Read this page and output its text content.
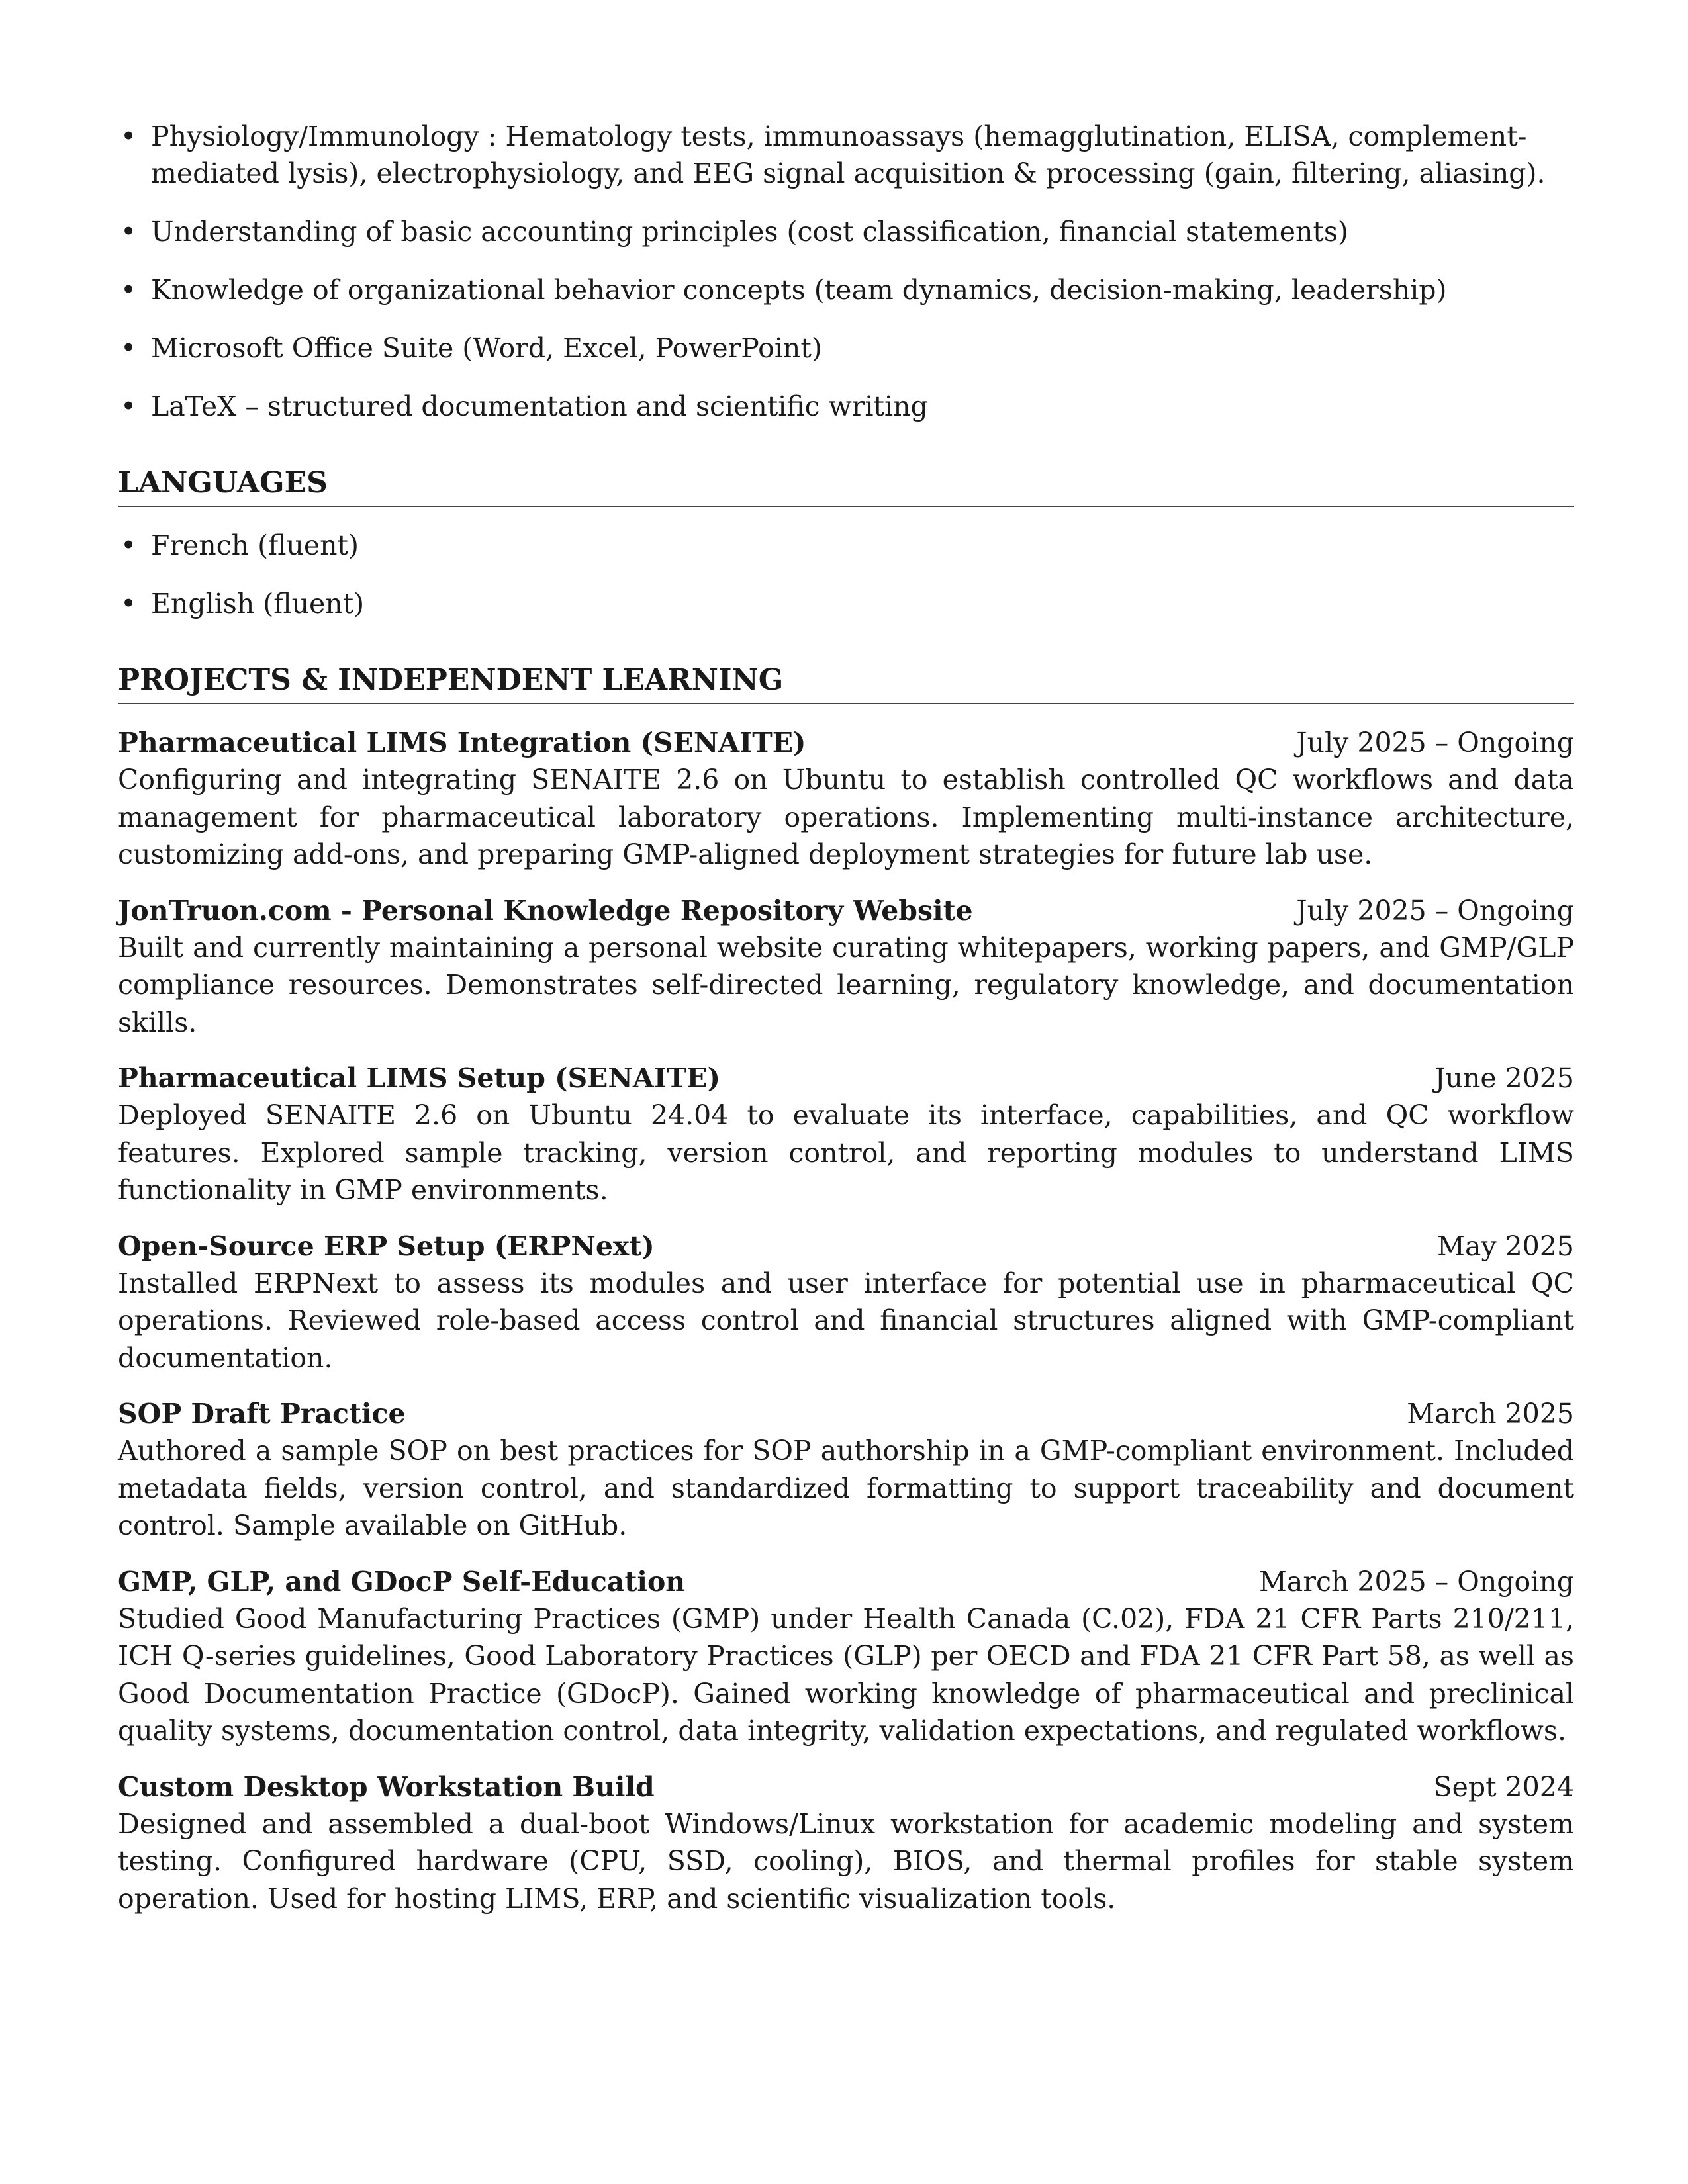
• Physiology/Immunology : Hematology tests, immunoassays (hemagglutination, ELISA, complement-mediated lysis), electrophysiology, and EEG signal acquisition & processing (gain, filtering, aliasing).
• Understanding of basic accounting principles (cost classification, financial statements)
• Knowledge of organizational behavior concepts (team dynamics, decision-making, leadership)
• Microsoft Office Suite (Word, Excel, PowerPoint)
• LaTeX – structured documentation and scientific writing
LANGUAGES
• French (fluent)
• English (fluent)
PROJECTS & INDEPENDENT LEARNING
Pharmaceutical LIMS Integration (SENAITE)	July 2025 – Ongoing
Configuring and integrating SENAITE 2.6 on Ubuntu to establish controlled QC workflows and data management for pharmaceutical laboratory operations. Implementing multi-instance architecture, customizing add-ons, and preparing GMP-aligned deployment strategies for future lab use.
JonTruon.com - Personal Knowledge Repository Website	July 2025 – Ongoing
Built and currently maintaining a personal website curating whitepapers, working papers, and GMP/GLP compliance resources. Demonstrates self-directed learning, regulatory knowledge, and documentation skills.
Pharmaceutical LIMS Setup (SENAITE)	June 2025
Deployed SENAITE 2.6 on Ubuntu 24.04 to evaluate its interface, capabilities, and QC workflow features. Explored sample tracking, version control, and reporting modules to understand LIMS functionality in GMP environments.
Open-Source ERP Setup (ERPNext)	May 2025
Installed ERPNext to assess its modules and user interface for potential use in pharmaceutical QC operations. Reviewed role-based access control and financial structures aligned with GMP-compliant documentation.
SOP Draft Practice	March 2025
Authored a sample SOP on best practices for SOP authorship in a GMP-compliant environment. Included metadata fields, version control, and standardized formatting to support traceability and document control. Sample available on GitHub.
GMP, GLP, and GDocP Self-Education	March 2025 – Ongoing
Studied Good Manufacturing Practices (GMP) under Health Canada (C.02), FDA 21 CFR Parts 210/211, ICH Q-series guidelines, Good Laboratory Practices (GLP) per OECD and FDA 21 CFR Part 58, as well as Good Documentation Practice (GDocP). Gained working knowledge of pharmaceutical and preclinical quality systems, documentation control, data integrity, validation expectations, and regulated workflows.
Custom Desktop Workstation Build	Sept 2024
Designed and assembled a dual-boot Windows/Linux workstation for academic modeling and system testing. Configured hardware (CPU, SSD, cooling), BIOS, and thermal profiles for stable system operation. Used for hosting LIMS, ERP, and scientific visualization tools.
